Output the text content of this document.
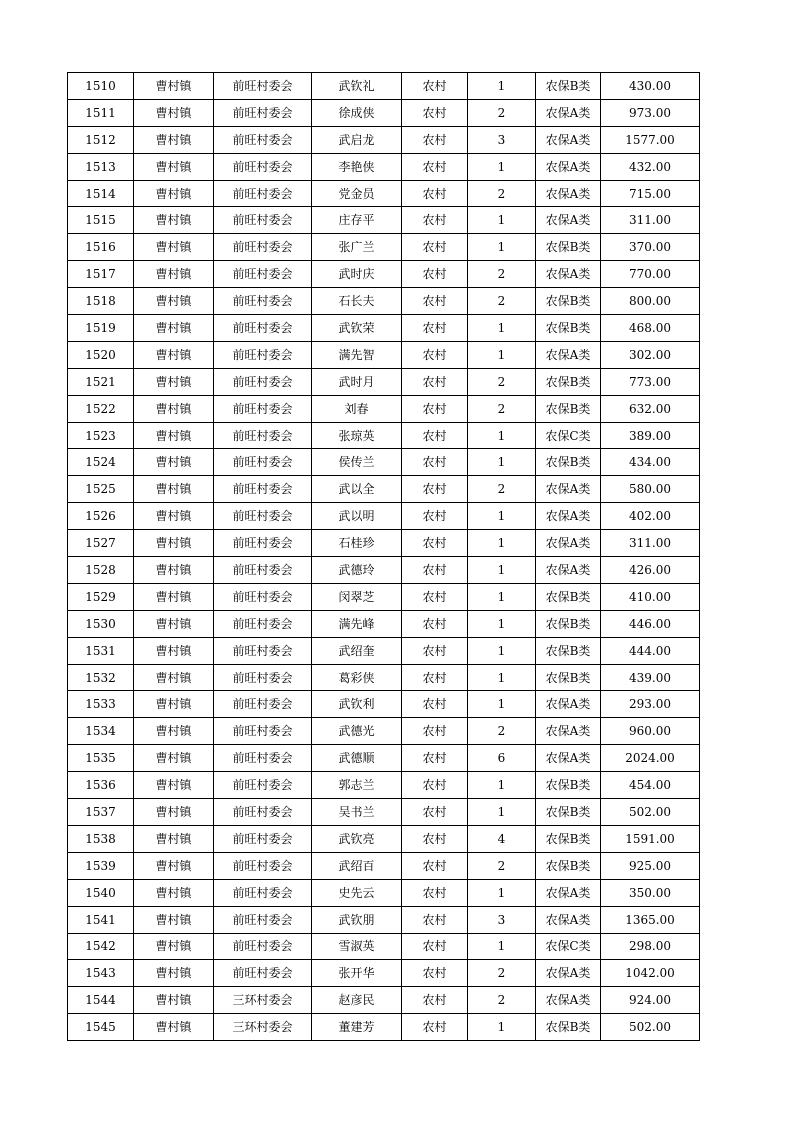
1510	曹村镇	前旺村委会	武钦礼	农村	1	农保B类	430.00
1511	曹村镇	前旺村委会	徐成侠	农村	2	农保A类	973.00
1512	曹村镇	前旺村委会	武启龙	农村	3	农保A类	1577.00
1513	曹村镇	前旺村委会	李艳侠	农村	1	农保A类	432.00
1514	曹村镇	前旺村委会	党金员	农村	2	农保A类	715.00
1515	曹村镇	前旺村委会	庄存平	农村	1	农保A类	311.00
1516	曹村镇	前旺村委会	张广兰	农村	1	农保B类	370.00
1517	曹村镇	前旺村委会	武时庆	农村	2	农保A类	770.00
1518	曹村镇	前旺村委会	石长夫	农村	2	农保B类	800.00
1519	曹村镇	前旺村委会	武钦荣	农村	1	农保B类	468.00
1520	曹村镇	前旺村委会	满先智	农村	1	农保A类	302.00
1521	曹村镇	前旺村委会	武时月	农村	2	农保B类	773.00
1522	曹村镇	前旺村委会	刘春	农村	2	农保B类	632.00
1523	曹村镇	前旺村委会	张琼英	农村	1	农保C类	389.00
1524	曹村镇	前旺村委会	侯传兰	农村	1	农保B类	434.00
1525	曹村镇	前旺村委会	武以全	农村	2	农保A类	580.00
1526	曹村镇	前旺村委会	武以明	农村	1	农保A类	402.00
1527	曹村镇	前旺村委会	石桂珍	农村	1	农保A类	311.00
1528	曹村镇	前旺村委会	武德玲	农村	1	农保A类	426.00
1529	曹村镇	前旺村委会	闵翠芝	农村	1	农保B类	410.00
1530	曹村镇	前旺村委会	满先峰	农村	1	农保B类	446.00
1531	曹村镇	前旺村委会	武绍奎	农村	1	农保B类	444.00
1532	曹村镇	前旺村委会	葛彩侠	农村	1	农保B类	439.00
1533	曹村镇	前旺村委会	武钦利	农村	1	农保A类	293.00
1534	曹村镇	前旺村委会	武德光	农村	2	农保A类	960.00
1535	曹村镇	前旺村委会	武德顺	农村	6	农保A类	2024.00
1536	曹村镇	前旺村委会	郭志兰	农村	1	农保B类	454.00
1537	曹村镇	前旺村委会	吴书兰	农村	1	农保B类	502.00
1538	曹村镇	前旺村委会	武钦亮	农村	4	农保B类	1591.00
1539	曹村镇	前旺村委会	武绍百	农村	2	农保B类	925.00
1540	曹村镇	前旺村委会	史先云	农村	1	农保A类	350.00
1541	曹村镇	前旺村委会	武钦朋	农村	3	农保A类	1365.00
1542	曹村镇	前旺村委会	雪淑英	农村	1	农保C类	298.00
1543	曹村镇	前旺村委会	张开华	农村	2	农保A类	1042.00
1544	曹村镇	三环村委会	赵彦民	农村	2	农保A类	924.00
1545	曹村镇	三环村委会	董建芳	农村	1	农保B类	502.00
